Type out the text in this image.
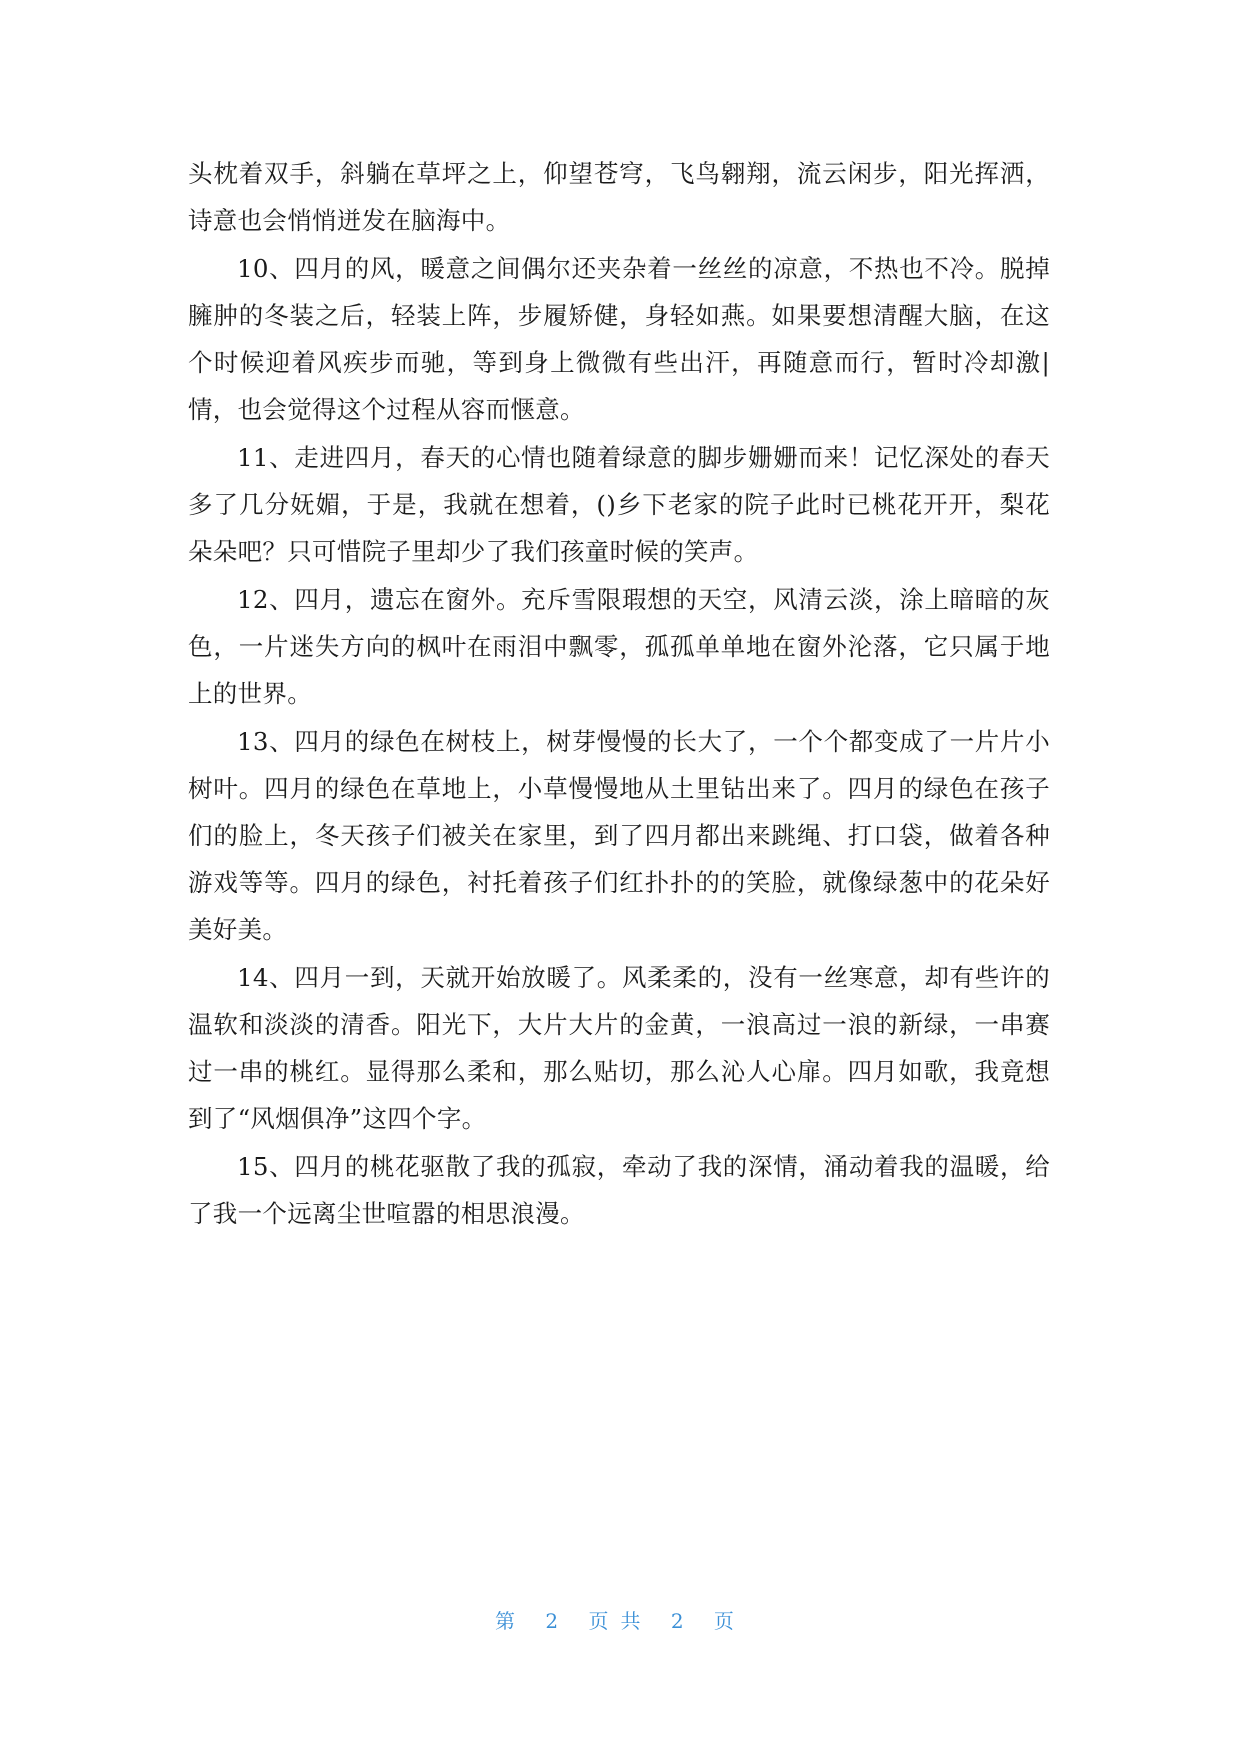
头枕着双手，斜躺在草坪之上，仰望苍穹，飞鸟翱翔，流云闲步，阳光挥洒，诗意也会悄悄迸发在脑海中。

10、四月的风，暖意之间偶尔还夹杂着一丝丝的凉意，不热也不冷。脱掉臃肿的冬装之后，轻装上阵，步履矫健，身轻如燕。如果要想清醒大脑，在这个时候迎着风疾步而驰，等到身上微微有些出汗，再随意而行，暂时冷却激|情，也会觉得这个过程从容而惬意。

11、走进四月，春天的心情也随着绿意的脚步姗姗而来！记忆深处的春天多了几分妩媚，于是，我就在想着，()乡下老家的院子此时已桃花开开，梨花朵朵吧？只可惜院子里却少了我们孩童时候的笑声。

12、四月，遗忘在窗外。充斥雪限瑕想的天空，风清云淡，涂上暗暗的灰色，一片迷失方向的枫叶在雨泪中飘零，孤孤单单地在窗外沦落，它只属于地上的世界。

13、四月的绿色在树枝上，树芽慢慢的长大了，一个个都变成了一片片小树叶。四月的绿色在草地上，小草慢慢地从土里钻出来了。四月的绿色在孩子们的脸上，冬天孩子们被关在家里，到了四月都出来跳绳、打口袋，做着各种游戏等等。四月的绿色，衬托着孩子们红扑扑的的笑脸，就像绿葱中的花朵好美好美。

14、四月一到，天就开始放暖了。风柔柔的，没有一丝寒意，却有些许的温软和淡淡的清香。阳光下，大片大片的金黄，一浪高过一浪的新绿，一串赛过一串的桃红。显得那么柔和，那么贴切，那么沁人心扉。四月如歌，我竟想到了“风烟俱净”这四个字。

15、四月的桃花驱散了我的孤寂，牵动了我的深情，涌动着我的温暖，给了我一个远离尘世喧嚣的相思浪漫。

第 2 页共 2 页
